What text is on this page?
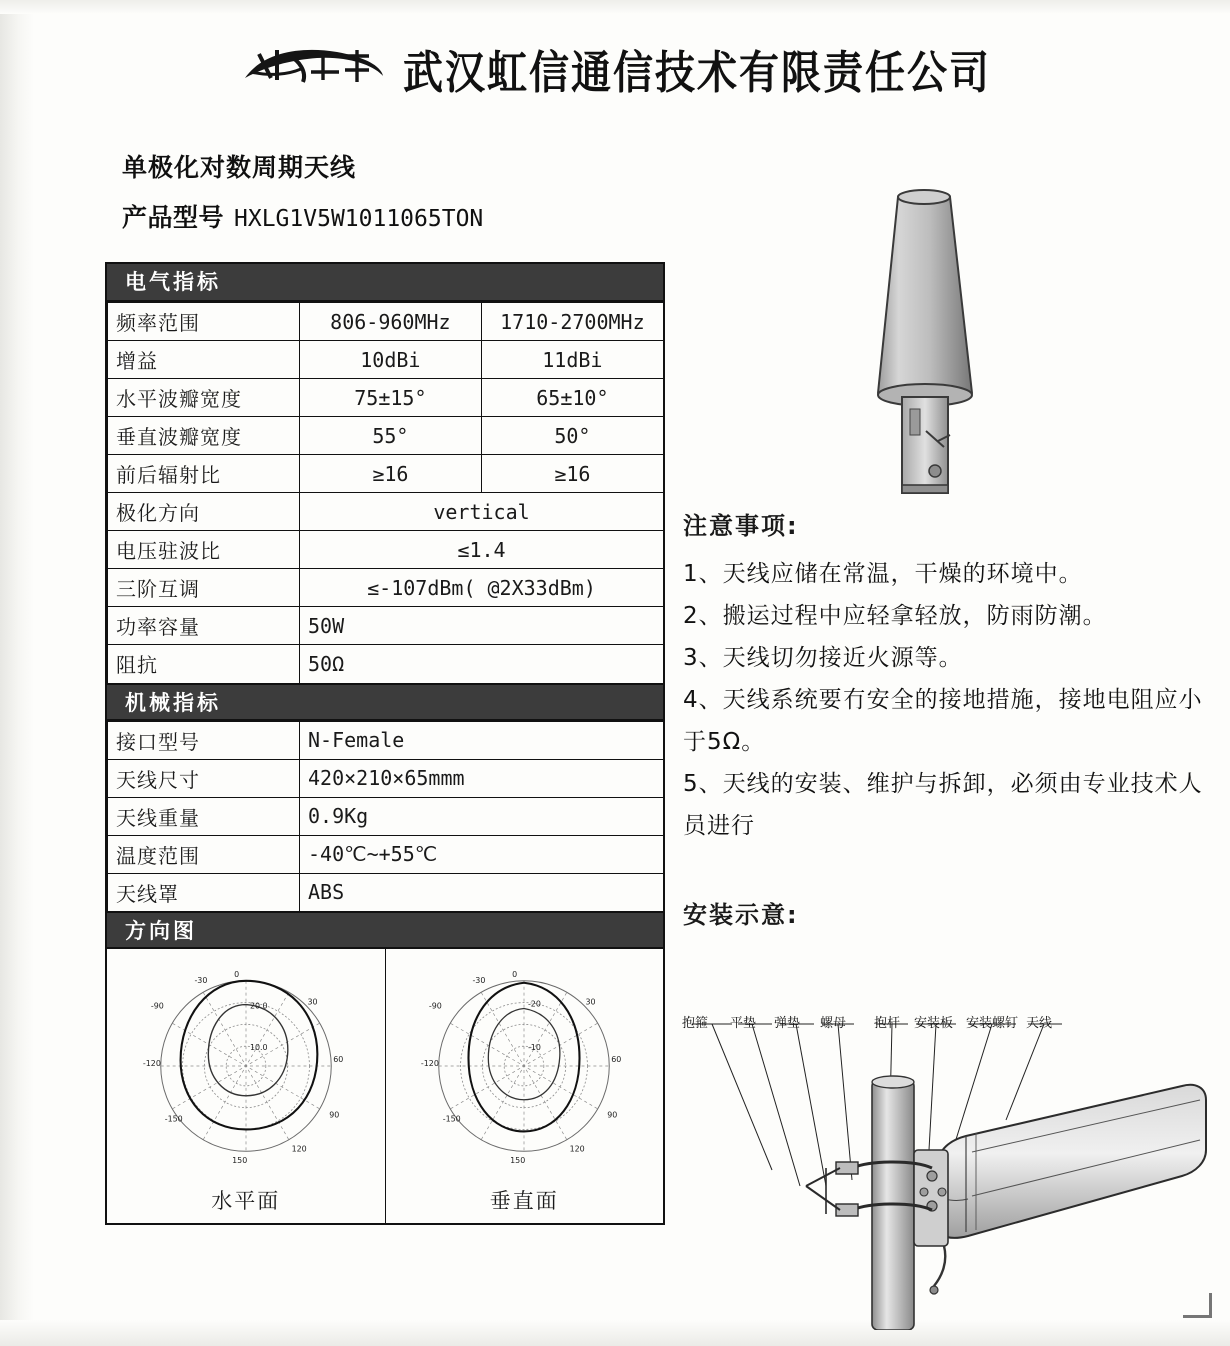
武汉虹信通信技术有限责任公司
单极化对数周期天线
产品型号 HXLG1V5W1011065TON
电气指标
频率范围	806-960MHz	1710-2700MHz
增益	10dBi	11dBi
水平波瓣宽度	75±15°	65±10°
垂直波瓣宽度	55°	50°
前后辐射比	≥16	≥16
极化方向	vertical	
电压驻波比	≤1.4	
三阶互调	≤-107dBm( @2X33dBm)	
功率容量	50W	
阻抗	50Ω	
机械指标
接口型号	N-Female
天线尺寸	420×210×65mmm
天线重量	0.9Kg
温度范围	-40℃~+55℃
天线罩	ABS
方向图
0
30
60
90
120
150
-150
-120
-90
-30
20.0
10.0
水平面
0
30
60
90
120
150
-150
-120
-90
-30
-20
-10
垂直面
注意事项:
1、天线应储在常温，干燥的环境中。
2、搬运过程中应轻拿轻放，防雨防潮。
3、天线切勿接近火源等。
4、天线系统要冇安全的接地措施，接地电阻应小于5Ω。
5、天线的安装、维护与拆卸，必须由专业技术人员进行
安装示意:
抱箍 平垫 弹垫 螺母 抱杆 安装板 安装螺钉 天线
